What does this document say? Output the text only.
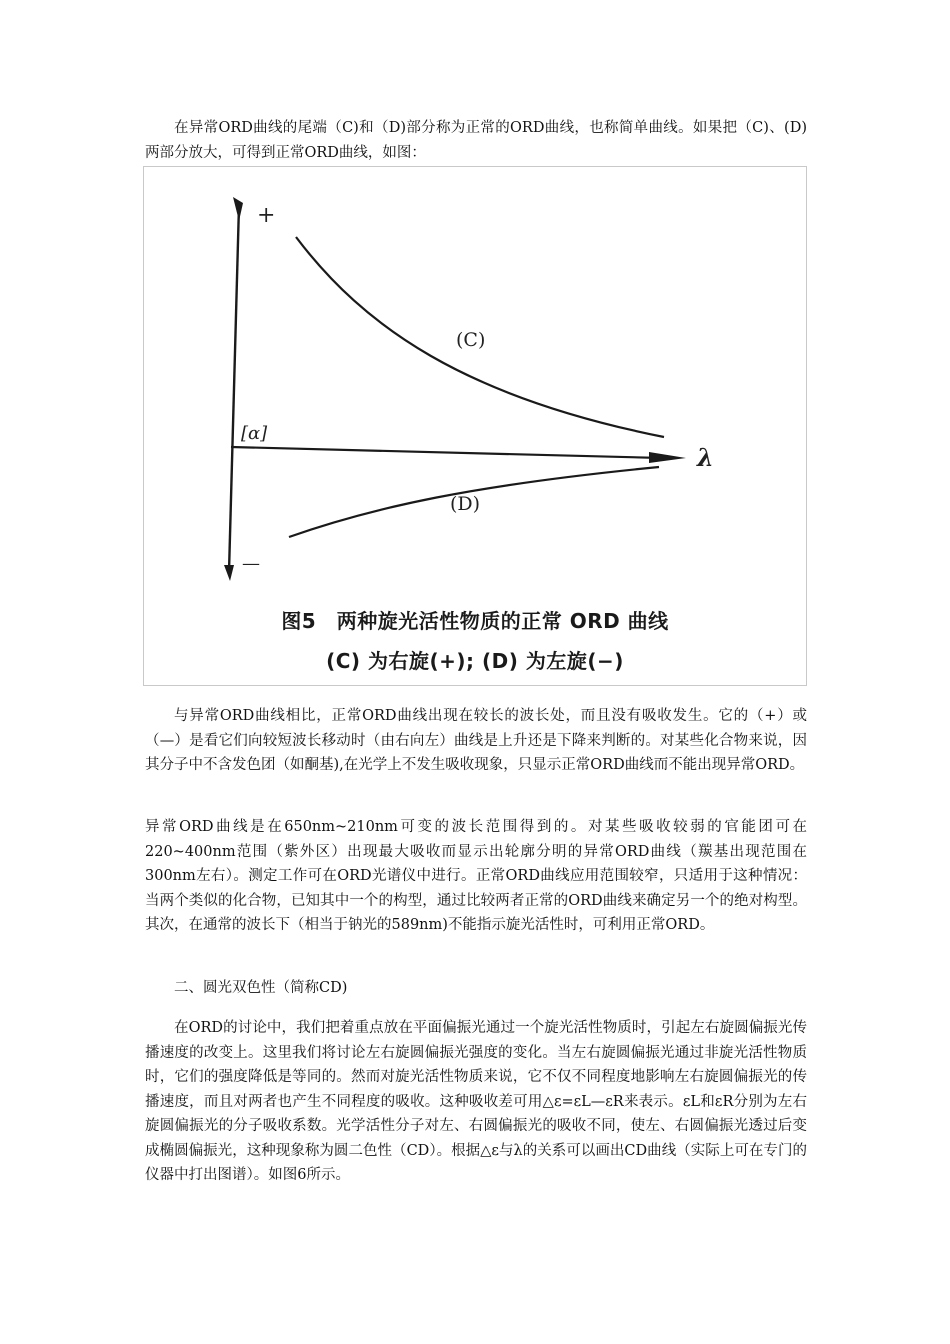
在异常ORD曲线的尾端（C)和（D)部分称为正常的ORD曲线，也称简单曲线。如果把（C)、(D)两部分放大，可得到正常ORD曲线，如图：

+
—
[α]
λ
(C)
(D)
图5　两种旋光活性物质的正常 ORD 曲线
(C) 为右旋(+); (D) 为左旋(−)

与异常ORD曲线相比，正常ORD曲线出现在较长的波长处，而且没有吸收发生。它的（+）或（—）是看它们向较短波长移动时（由右向左）曲线是上升还是下降来判断的。对某些化合物来说，因其分子中不含发色团（如酮基),在光学上不发生吸收现象，只显示正常ORD曲线而不能出现异常ORD。

异常ORD曲线是在650nm~210nm可变的波长范围得到的。对某些吸收较弱的官能团可在220~400nm范围（紫外区）出现最大吸收而显示出轮廓分明的异常ORD曲线（羰基出现范围在300nm左右）。测定工作可在ORD光谱仪中进行。正常ORD曲线应用范围较窄，只适用于这种情况：当两个类似的化合物，已知其中一个的构型，通过比较两者正常的ORD曲线来确定另一个的绝对构型。其次，在通常的波长下（相当于钠光的589nm)不能指示旋光活性时，可利用正常ORD。

二、圆光双色性（简称CD)

在ORD的讨论中，我们把着重点放在平面偏振光通过一个旋光活性物质时，引起左右旋圆偏振光传播速度的改变上。这里我们将讨论左右旋圆偏振光强度的变化。当左右旋圆偏振光通过非旋光活性物质时，它们的强度降低是等同的。然而对旋光活性物质来说，它不仅不同程度地影响左右旋圆偏振光的传播速度，而且对两者也产生不同程度的吸收。这种吸收差可用△ε=εL—εR来表示。εL和εR分别为左右旋圆偏振光的分子吸收系数。光学活性分子对左、右圆偏振光的吸收不同，使左、右圆偏振光透过后变成椭圆偏振光，这种现象称为圆二色性（CD）。根据△ε与λ的关系可以画出CD曲线（实际上可在专门的仪器中打出图谱）。如图6所示。
